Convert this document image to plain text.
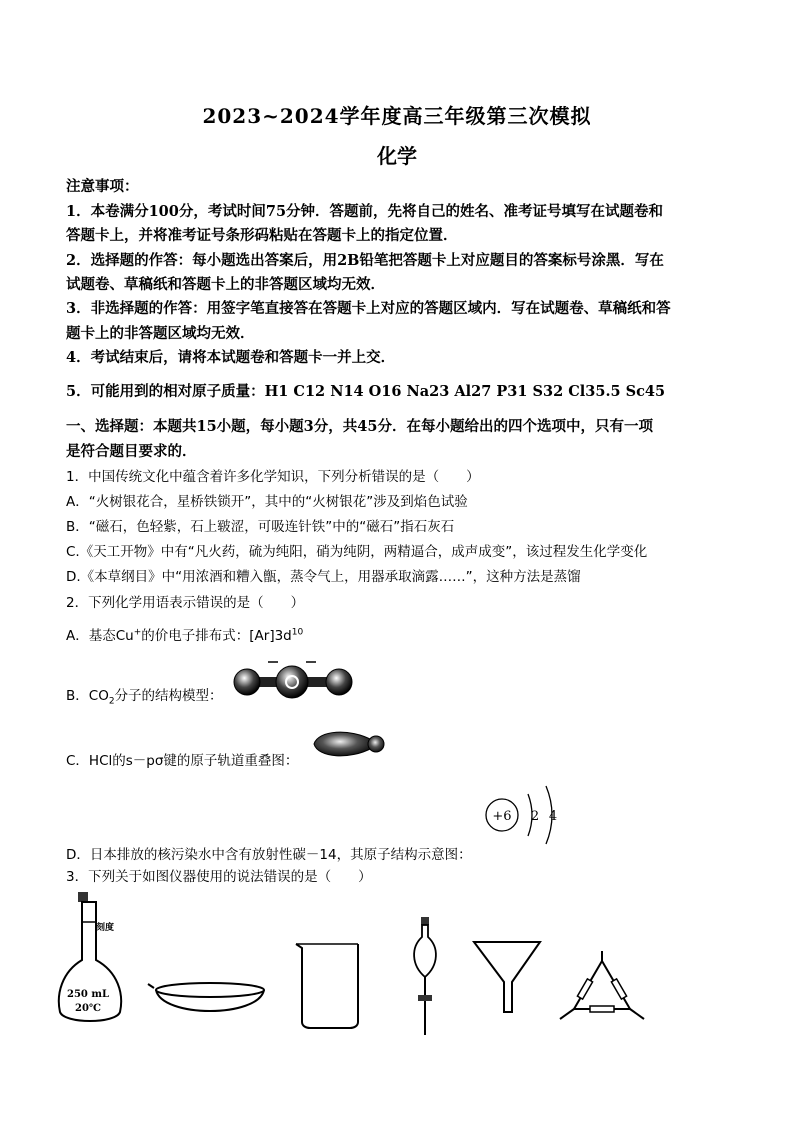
2023~2024学年度高三年级第三次模拟
化学
注意事项：
1．本卷满分100分，考试时间75分钟．答题前，先将自己的姓名、准考证号填写在试题卷和
答题卡上，并将准考证号条形码粘贴在答题卡上的指定位置．
2．选择题的作答：每小题选出答案后，用2B铅笔把答题卡上对应题目的答案标号涂黑．写在
试题卷、草稿纸和答题卡上的非答题区域均无效．
3．非选择题的作答：用签字笔直接答在答题卡上对应的答题区域内．写在试题卷、草稿纸和答
题卡上的非答题区域均无效．
4．考试结束后，请将本试题卷和答题卡一并上交．
5．可能用到的相对原子质量：H1 C12 N14 O16 Na23 Al27 P31 S32 Cl35.5 Sc45
一、选择题：本题共15小题，每小题3分，共45分．在每小题给出的四个选项中，只有一项
是符合题目要求的．
1．中国传统文化中蕴含着许多化学知识，下列分析错误的是（　　）
A．“火树银花合，星桥铁锁开”，其中的“火树银花”涉及到焰色试验
B．“磁石，色轻紫，石上皲涩，可吸连针铁”中的“磁石”指石灰石
C.《天工开物》中有“凡火药，硫为纯阳，硝为纯阴，两精逼合，成声成变”，该过程发生化学变化
D.《本草纲目》中“用浓酒和糟入甑，蒸令气上，用器承取滴露……”，这种方法是蒸馏
2．下列化学用语表示错误的是（　　）
A．基态Cu+的价电子排布式：$[Ar]3d^{10}$
B．$CO_2$分子的结构模型：
C．HCl的s－pσ键的原子轨道重叠图：
+6 2 4
D．日本排放的核污染水中含有放射性碳－14，其原子结构示意图：
3．下列关于如图仪器使用的说法错误的是（　　）
刻度
250 mL
20℃
